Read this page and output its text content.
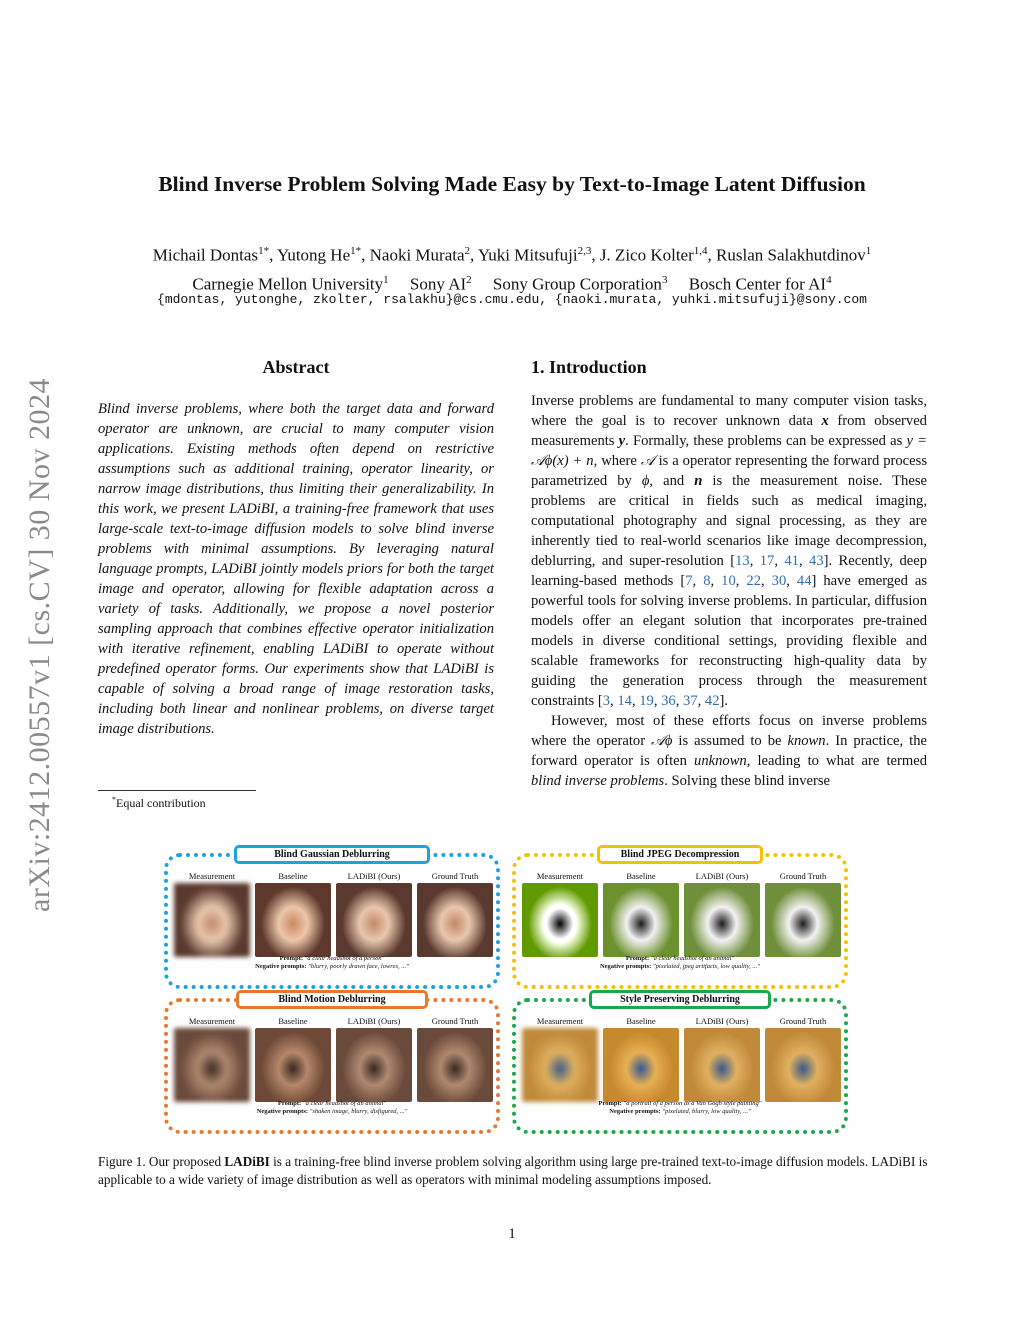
arXiv:2412.00557v1 [cs.CV] 30 Nov 2024
Blind Inverse Problem Solving Made Easy by Text-to-Image Latent Diffusion
Michail Dontas$^{1*}$, Yutong $He^{1*}$, Naoki Murata$^2$, Yuki Mitsufuji$^{2,3}$, J. Zico Kolter$^{1,4}$, Ruslan Salakhutdinov$^1$
Carnegie Mellon University$^1$ Sony $AI^2$ Sony Group Corporation$^3$ Bosch Center for $AI^4$
{mdontas, yutonghe, zkolter, rsalakhu}@cs.cmu.edu, {naoki.murata, yuhki.mitsufuji}@sony.com
Abstract

Blind inverse problems, where both the target data and forward operator are unknown, are crucial to many computer vision applications. Existing methods often depend on restrictive assumptions such as additional training, operator linearity, or narrow image distributions, thus limiting their generalizability. In this work, we present LADiBI, a training-free framework that uses large-scale text-to-image diffusion models to solve blind inverse problems with minimal assumptions. By leveraging natural language prompts, LADiBI jointly models priors for both the target image and operator, allowing for flexible adaptation across a variety of tasks. Additionally, we propose a novel posterior sampling approach that combines effective operator initialization with iterative refinement, enabling LADiBI to operate without predefined operator forms. Our experiments show that LADiBI is capable of solving a broad range of image restoration tasks, including both linear and nonlinear problems, on diverse target image distributions.

*Equal contribution
1. Introduction

Inverse problems are fundamental to many computer vision tasks, where the goal is to recover unknown data x from observed measurements y. Formally, these problems can be expressed as y = 𝒜ϕ(x) + n, where 𝒜 is a operator representing the forward process parametrized by ϕ, and n is the measurement noise. These problems are critical in fields such as medical imaging, computational photography and signal processing, as they are inherently tied to real-world scenarios like image decompression, deblurring, and super-resolution [13, 17, 41, 43]. Recently, deep learning-based methods [7, 8, 10, 22, 30, 44] have emerged as powerful tools for solving inverse problems. In particular, diffusion models offer an elegant solution that incorporates pre-trained models in diverse conditional settings, providing flexible and scalable frameworks for reconstructing high-quality data by guiding the generation process through the measurement constraints [3, 14, 19, 36, 37, 42].

However, most of these efforts focus on inverse problems where the operator 𝒜ϕ is assumed to be known. In practice, the forward operator is often unknown, leading to what are termed blind inverse problems. Solving these blind inverse

Blind Gaussian Deblurring
Measurement	Baseline	LADiBI (Ours)	Ground Truth
Prompt: "a clear headshot of a person"
Negative prompts: "blurry, poorly drawn face, lowres, ..."
Blind JPEG Decompression
Measurement	Baseline	LADiBI (Ours)	Ground Truth
Prompt: "a clear headshot of an animal"
Negative prompts: "pixelated, jpeg artifacts, low quality, ..."
Blind Motion Deblurring
Measurement	Baseline	LADiBI (Ours)	Ground Truth
Prompt: "a clear headshot of an animal"
Negative prompts: "shaken image, blurry, disfigured, ..."
Style Preserving Deblurring
Measurement	Baseline	LADiBI (Ours)	Ground Truth
Prompt: "a portrait of a person as a Van Gogh style painting"
Negative prompts: "pixelated, blurry, low quality, ..."

Figure 1. Our proposed LADiBI is a training-free blind inverse problem solving algorithm using large pre-trained text-to-image diffusion models. LADiBI is applicable to a wide variety of image distribution as well as operators with minimal modeling assumptions imposed.

1
